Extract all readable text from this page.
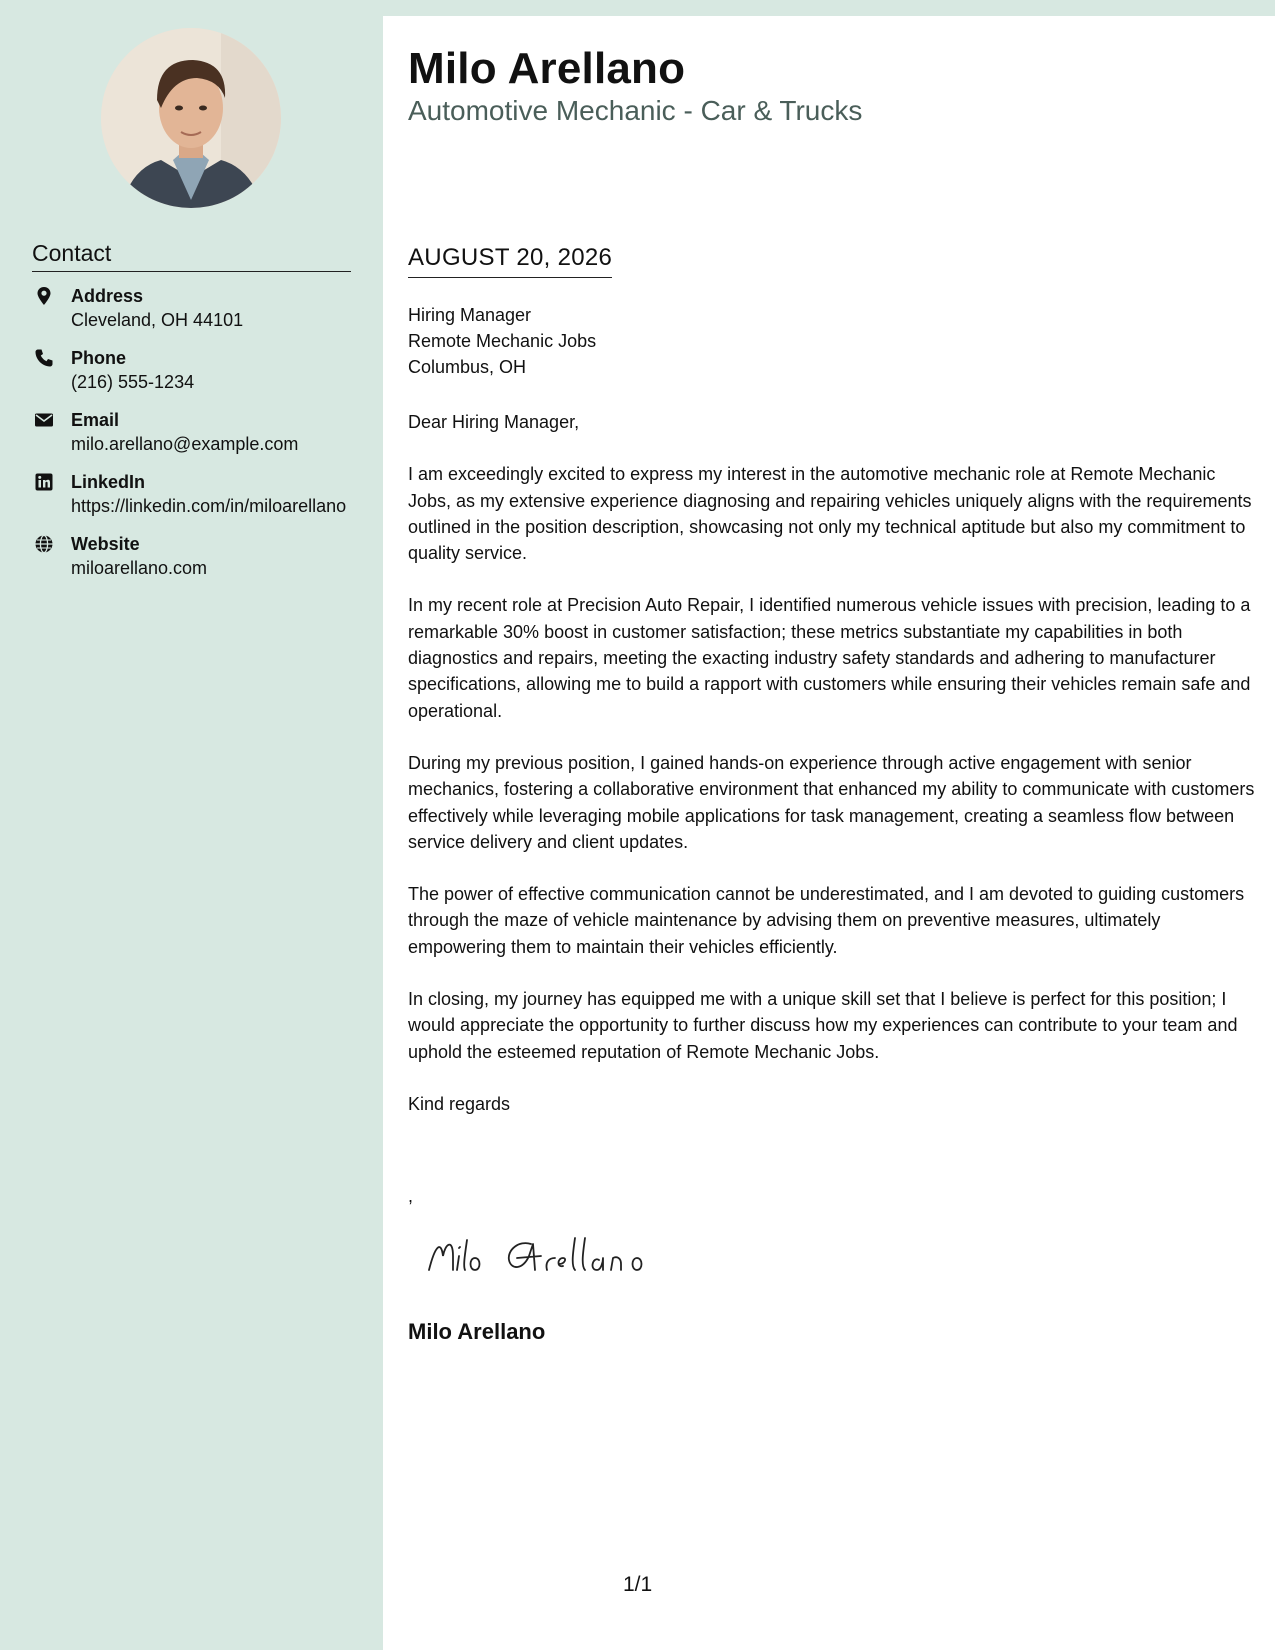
Contact
Address
Cleveland, OH 44101
Phone
(216) 555-1234
Email
milo.arellano@example.com
LinkedIn
https://linkedin.com/in/miloarellano
Website
miloarellano.com
Milo Arellano
Automotive Mechanic - Car & Trucks
AUGUST 20, 2026
Hiring Manager
Remote Mechanic Jobs
Columbus, OH

Dear Hiring Manager,

I am exceedingly excited to express my interest in the automotive mechanic role at Remote Mechanic Jobs, as my extensive experience diagnosing and repairing vehicles uniquely aligns with the requirements outlined in the position description, showcasing not only my technical aptitude but also my commitment to quality service.

In my recent role at Precision Auto Repair, I identified numerous vehicle issues with precision, leading to a remarkable 30% boost in customer satisfaction; these metrics substantiate my capabilities in both diagnostics and repairs, meeting the exacting industry safety standards and adhering to manufacturer specifications, allowing me to build a rapport with customers while ensuring their vehicles remain safe and operational.

During my previous position, I gained hands-on experience through active engagement with senior mechanics, fostering a collaborative environment that enhanced my ability to communicate with customers effectively while leveraging mobile applications for task management, creating a seamless flow between service delivery and client updates.

The power of effective communication cannot be underestimated, and I am devoted to guiding customers through the maze of vehicle maintenance by advising them on preventive measures, ultimately empowering them to maintain their vehicles efficiently.

In closing, my journey has equipped me with a unique skill set that I believe is perfect for this position; I would appreciate the opportunity to further discuss how my experiences can contribute to your team and uphold the esteemed reputation of Remote Mechanic Jobs.

Kind regards

,
Milo Arellano
1/1
